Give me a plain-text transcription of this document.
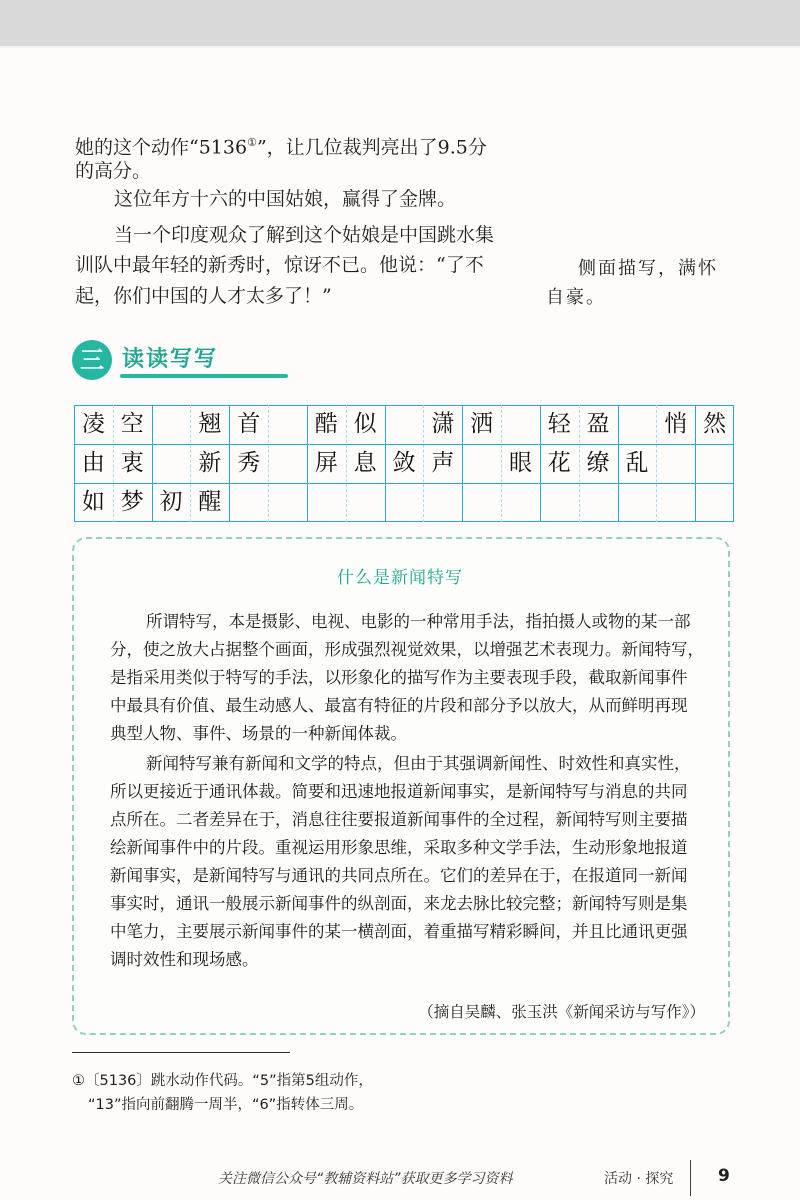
她的这个动作“5136①”，让几位裁判亮出了9.5分
的高分。
这位年方十六的中国姑娘，赢得了金牌。
当一个印度观众了解到这个姑娘是中国跳水集
训队中最年轻的新秀时，惊讶不已。他说：“了不
起，你们中国的人才太多了！”
侧面描写，满怀
自豪。
三 读读写写
凌 空	翘 首	酷 似	潇 洒	轻 盈	悄 然
由 衷	新 秀	屏 息 敛 声	眼 花 缭 乱
如 梦 初 醒
什么是新闻特写
所谓特写，本是摄影、电视、电影的一种常用手法，指拍摄人或物的某一部
分，使之放大占据整个画面，形成强烈视觉效果，以增强艺术表现力。新闻特写，
是指采用类似于特写的手法，以形象化的描写作为主要表现手段，截取新闻事件
中最具有价值、最生动感人、最富有特征的片段和部分予以放大，从而鲜明再现
典型人物、事件、场景的一种新闻体裁。
新闻特写兼有新闻和文学的特点，但由于其强调新闻性、时效性和真实性，
所以更接近于通讯体裁。简要和迅速地报道新闻事实，是新闻特写与消息的共同
点所在。二者差异在于，消息往往要报道新闻事件的全过程，新闻特写则主要描
绘新闻事件中的片段。重视运用形象思维，采取多种文学手法，生动形象地报道
新闻事实，是新闻特写与通讯的共同点所在。它们的差异在于，在报道同一新闻
事实时，通讯一般展示新闻事件的纵剖面，来龙去脉比较完整；新闻特写则是集
中笔力，主要展示新闻事件的某一横剖面，着重描写精彩瞬间，并且比通讯更强
调时效性和现场感。
（摘自吴麟、张玉洪《新闻采访与写作》）
①〔5136〕跳水动作代码。“5”指第5组动作，
“13”指向前翻腾一周半，“6”指转体三周。
关注微信公众号“教辅资料站”获取更多学习资料	活动 · 探究	9
